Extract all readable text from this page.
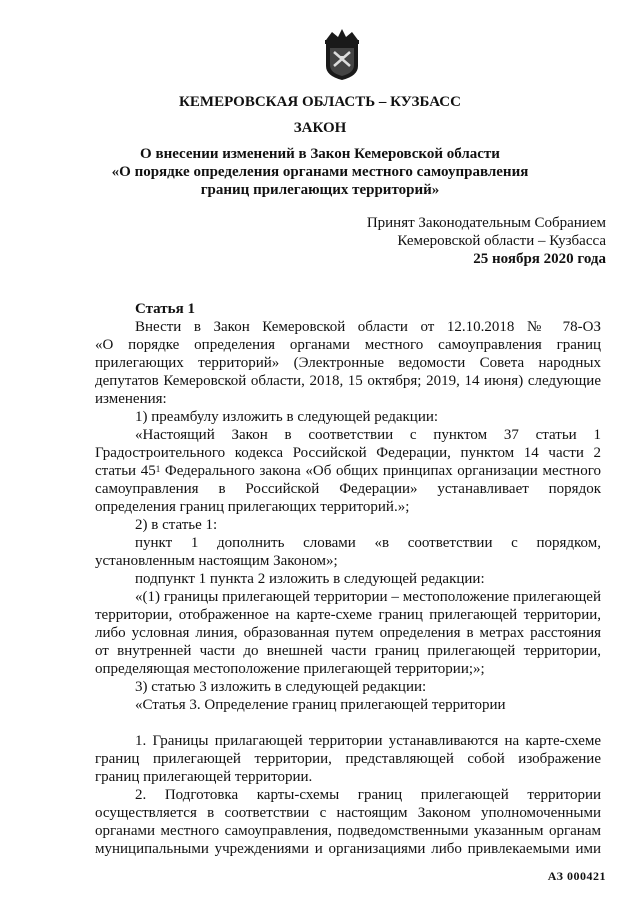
КЕМЕРОВСКАЯ ОБЛАСТЬ – КУЗБАСС
ЗАКОН
О внесении изменений в Закон Кемеровской области
«О порядке определения органами местного самоуправления
границ прилегающих территорий»
Принят Законодательным Собранием
Кемеровской области – Кузбасса
25 ноября 2020 года
Статья 1
Внести в Закон Кемеровской области от 12.10.2018 № 78-ОЗ
«О порядке определения органами местного самоуправления границ
прилегающих территорий» (Электронные ведомости Совета народных
депутатов Кемеровской области, 2018, 15 октября; 2019, 14 июня) следующие
изменения:
1) преамбулу изложить в следующей редакции:
«Настоящий Закон в соответствии с пунктом 37 статьи 1
Градостроительного кодекса Российской Федерации, пунктом 14 части 2
статьи $45^1$ Федерального закона «Об общих принципах организации местного
самоуправления в Российской Федерации» устанавливает порядок
определения границ прилегающих территорий.»;
2) в статье 1:
пункт 1 дополнить словами «в соответствии с порядком,
установленным настоящим Законом»;
подпункт 1 пункта 2 изложить в следующей редакции:
«(1) границы прилегающей территории – местоположение прилегающей
территории, отображенное на карте-схеме границ прилегающей территории,
либо условная линия, образованная путем определения в метрах расстояния
от внутренней части до внешней части границ прилегающей территории,
определяющая местоположение прилегающей территории;»;
3) статью 3 изложить в следующей редакции:
«Статья 3. Определение границ прилегающей территории
1. Границы прилагающей территории устанавливаются на карте-схеме
границ прилегающей территории, представляющей собой изображение
границ прилегающей территории.
2. Подготовка карты-схемы границ прилегающей территории
осуществляется в соответствии с настоящим Законом уполномоченными
органами местного самоуправления, подведомственными указанным органам
муниципальными учреждениями и организациями либо привлекаемыми ими
АЗ 000421
